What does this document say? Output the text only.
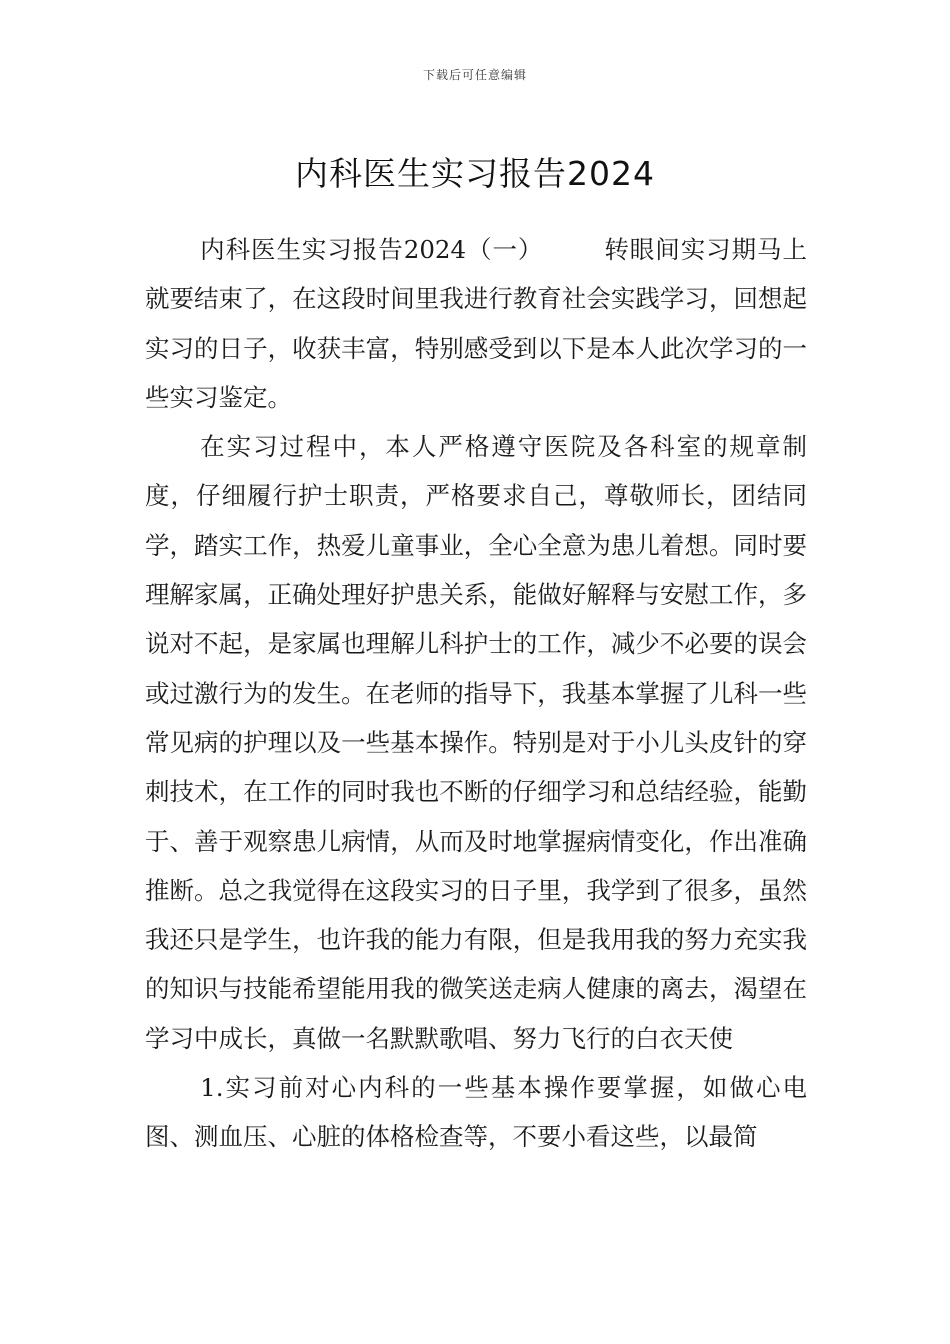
下载后可任意编辑
内科医生实习报告2024

内科医生实习报告2024（一） 转眼间实习期马上就要结束了，在这段时间里我进行教育社会实践学习，回想起实习的日子，收获丰富，特别感受到以下是本人此次学习的一些实习鉴定。

在实习过程中，本人严格遵守医院及各科室的规章制度，仔细履行护士职责，严格要求自己，尊敬师长，团结同学，踏实工作，热爱儿童事业，全心全意为患儿着想。同时要理解家属，正确处理好护患关系，能做好解释与安慰工作，多说对不起，是家属也理解儿科护士的工作，减少不必要的误会或过激行为的发生。在老师的指导下，我基本掌握了儿科一些常见病的护理以及一些基本操作。特别是对于小儿头皮针的穿刺技术，在工作的同时我也不断的仔细学习和总结经验，能勤于、善于观察患儿病情，从而及时地掌握病情变化，作出准确推断。总之我觉得在这段实习的日子里，我学到了很多，虽然我还只是学生，也许我的能力有限，但是我用我的努力充实我的知识与技能希望能用我的微笑送走病人健康的离去，渴望在学习中成长，真做一名默默歌唱、努力飞行的白衣天使

1.实习前对心内科的一些基本操作要掌握，如做心电图、测血压、心脏的体格检查等，不要小看这些，以最简
